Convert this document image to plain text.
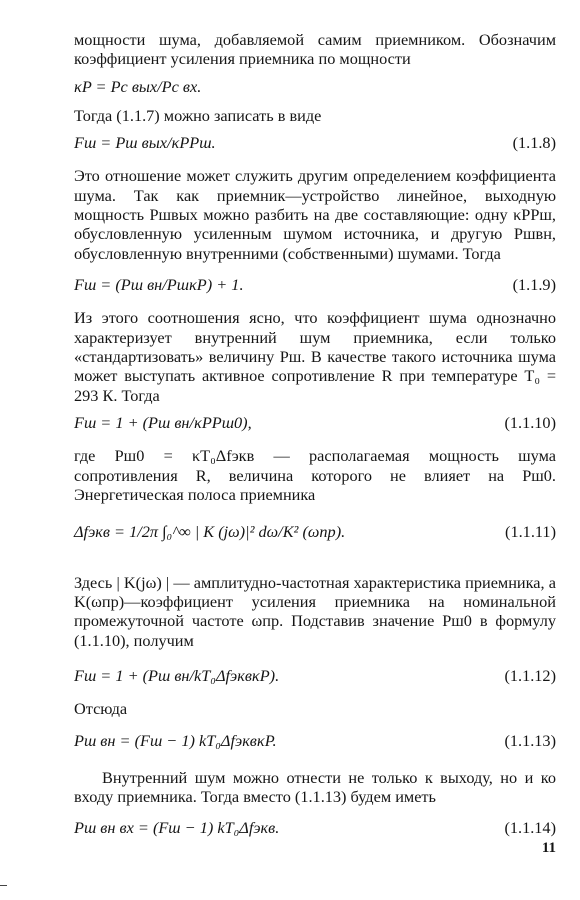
мощности шума, добавляемой самим приемником. Обозначим коэффициент усиления приемника по мощности

κP = Pс вых/Pс вх.

Тогда (1.1.7) можно записать в виде

Fш = Pш вых/κPPш.	(1.1.8)

Это отношение может служить другим определением коэффициента шума. Так как приемник—устройство линейное, выходную мощность Pшвых можно разбить на две составляющие: одну κPPш, обусловленную усиленным шумом источника, и другую Pшвн, обусловленную внутренними (собственными) шумами. Тогда

Fш = (Pш вн/PшκP) + 1.	(1.1.9)

Из этого соотношения ясно, что коэффициент шума однозначно характеризует внутренний шум приемника, если только «стандартизовать» величину Pш. В качестве такого источника шума может выступать активное сопротивление R при температуре T₀ = 293 К. Тогда

Fш = 1 + (Pш вн/κPPш0),	(1.1.10)

где Pш0 = κT₀Δfэкв — располагаемая мощность шума сопротивления R, величина которого не влияет на Pш0. Энергетическая полоса приемника

Δfэкв = 1/2π ∫₀^∞ | K (jω)|² dω/K² (ωпр).	(1.1.11)

Здесь | K(jω) | — амплитудно-частотная характеристика приемника, а K(ωпр)—коэффициент усиления приемника на номинальной промежуточной частоте ωпр. Подставив значение Pш0 в формулу (1.1.10), получим

Fш = 1 + (Pш вн/kT₀ΔfэквκP).	(1.1.12)

Отсюда

Pш вн = (Fш − 1) kT₀ΔfэквκP.	(1.1.13)

Внутренний шум можно отнести не только к выходу, но и ко входу приемника. Тогда вместо (1.1.13) будем иметь

Pш вн вх = (Fш − 1) kT₀Δfэкв.	(1.1.14)
11
